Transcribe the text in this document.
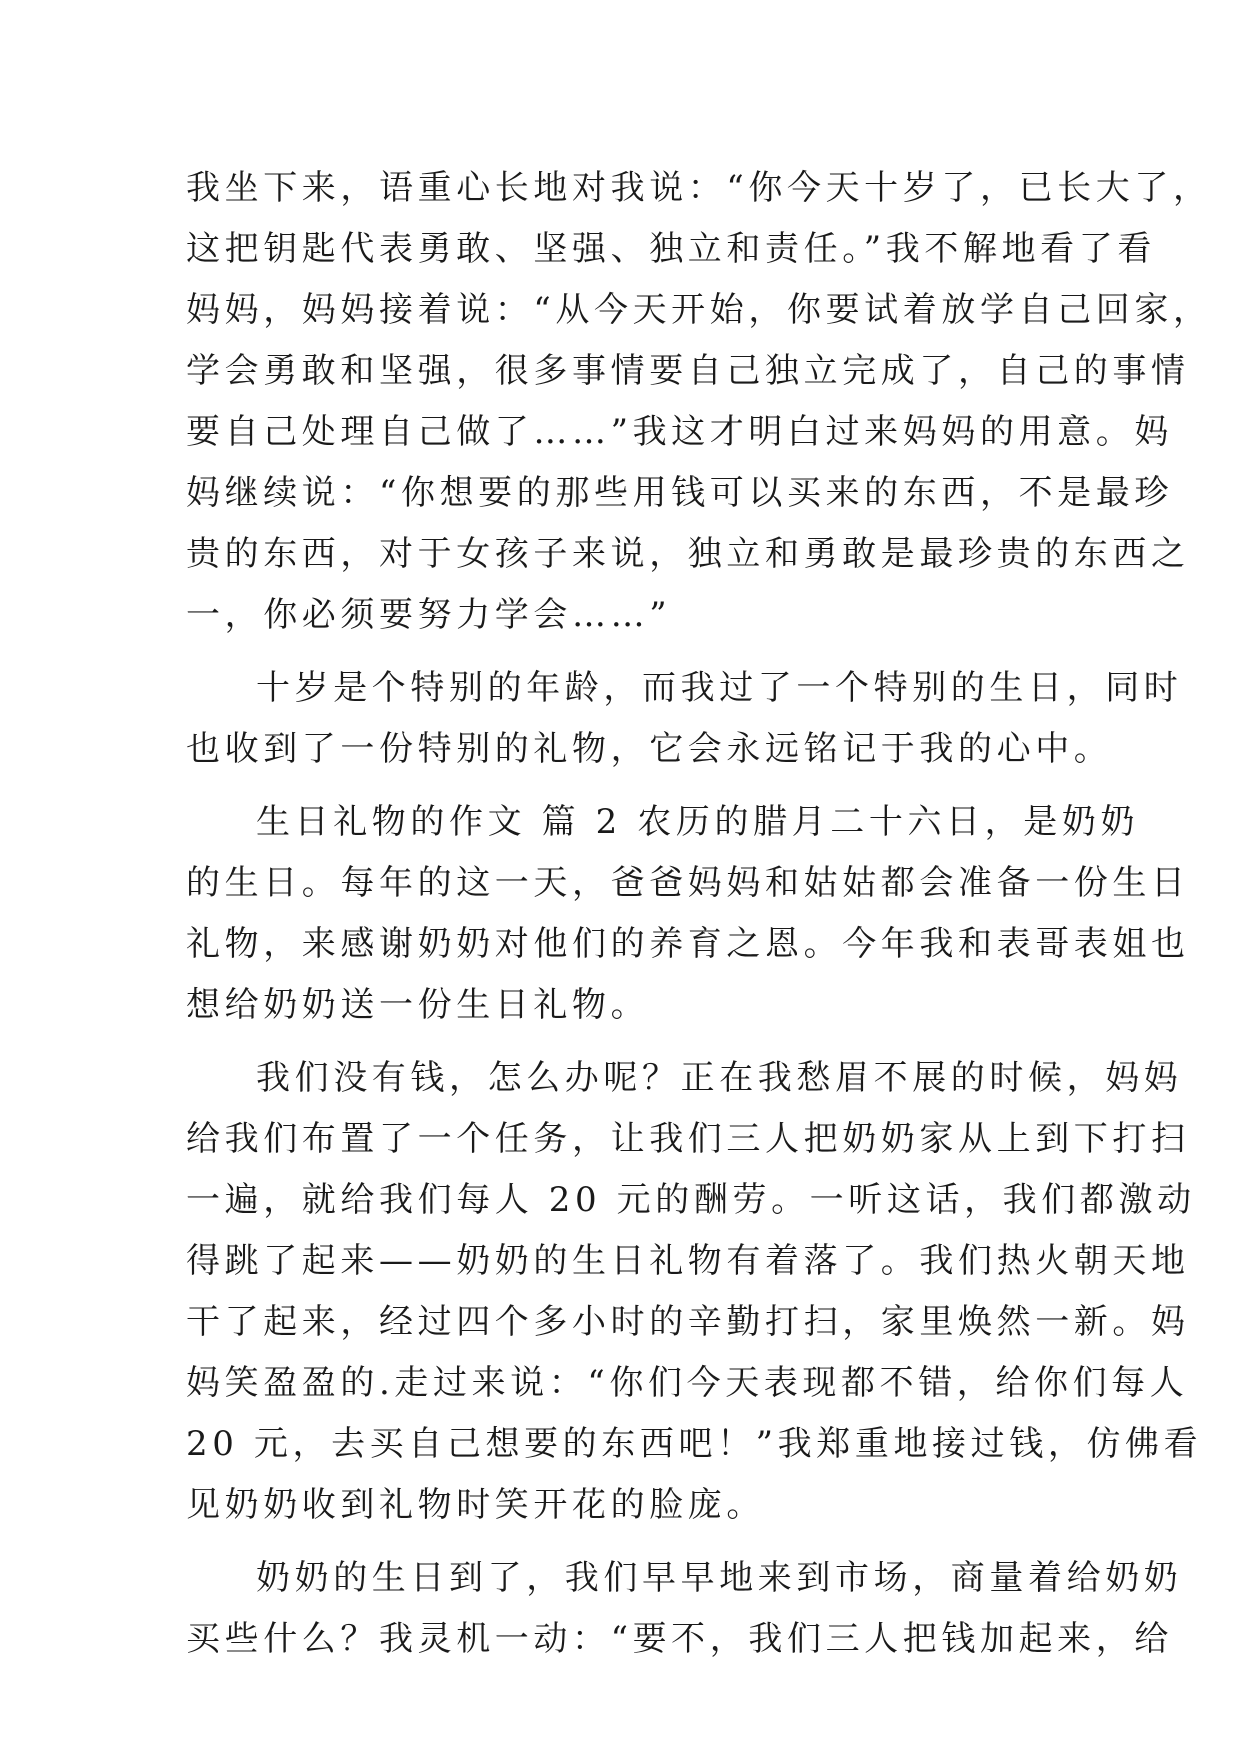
我坐下来，语重心长地对我说：“你今天十岁了，已长大了，
这把钥匙代表勇敢、坚强、独立和责任。”我不解地看了看
妈妈，妈妈接着说：“从今天开始，你要试着放学自己回家，
学会勇敢和坚强，很多事情要自己独立完成了，自己的事情
要自己处理自己做了……”我这才明白过来妈妈的用意。妈
妈继续说：“你想要的那些用钱可以买来的东西，不是最珍
贵的东西，对于女孩子来说，独立和勇敢是最珍贵的东西之
一，你必须要努力学会……”
十岁是个特别的年龄，而我过了一个特别的生日，同时
也收到了一份特别的礼物，它会永远铭记于我的心中。
生日礼物的作文 篇 2 农历的腊月二十六日，是奶奶
的生日。每年的这一天，爸爸妈妈和姑姑都会准备一份生日
礼物，来感谢奶奶对他们的养育之恩。今年我和表哥表姐也
想给奶奶送一份生日礼物。
我们没有钱，怎么办呢？正在我愁眉不展的时候，妈妈
给我们布置了一个任务，让我们三人把奶奶家从上到下打扫
一遍，就给我们每人 20 元的酬劳。一听这话，我们都激动
得跳了起来——奶奶的生日礼物有着落了。我们热火朝天地
干了起来，经过四个多小时的辛勤打扫，家里焕然一新。妈
妈笑盈盈的.走过来说：“你们今天表现都不错，给你们每人
20 元，去买自己想要的东西吧！”我郑重地接过钱，仿佛看
见奶奶收到礼物时笑开花的脸庞。
奶奶的生日到了，我们早早地来到市场，商量着给奶奶
买些什么？我灵机一动：“要不，我们三人把钱加起来，给
